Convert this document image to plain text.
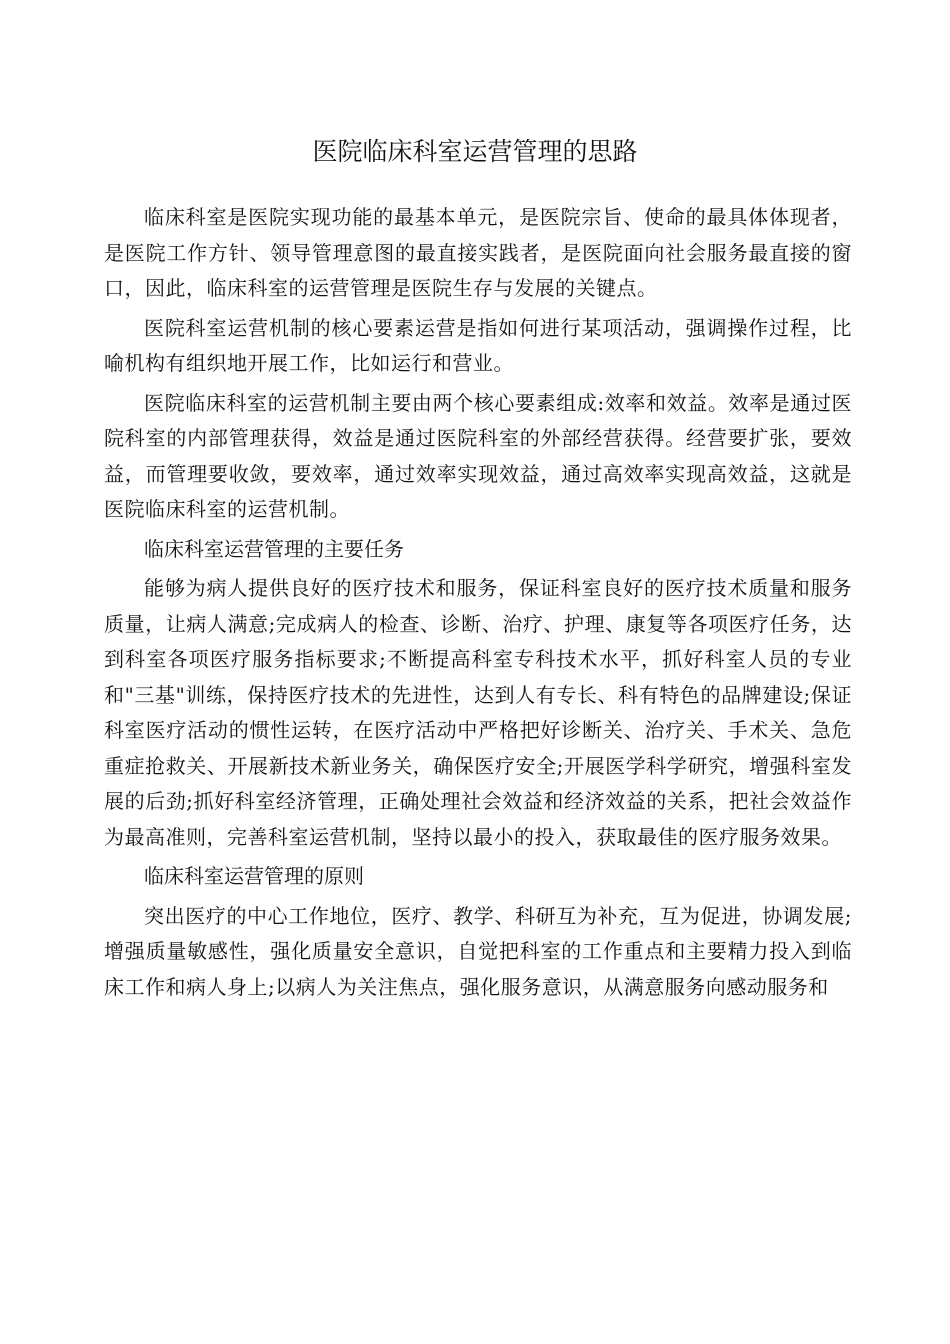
医院临床科室运营管理的思路

临床科室是医院实现功能的最基本单元，是医院宗旨、使命的最具体体现者，是医院工作方针、领导管理意图的最直接实践者，是医院面向社会服务最直接的窗口，因此，临床科室的运营管理是医院生存与发展的关键点。

医院科室运营机制的核心要素运营是指如何进行某项活动，强调操作过程，比喻机构有组织地开展工作，比如运行和营业。

医院临床科室的运营机制主要由两个核心要素组成:效率和效益。效率是通过医院科室的内部管理获得，效益是通过医院科室的外部经营获得。经营要扩张，要效益，而管理要收敛，要效率，通过效率实现效益，通过高效率实现高效益，这就是医院临床科室的运营机制。

临床科室运营管理的主要任务

能够为病人提供良好的医疗技术和服务，保证科室良好的医疗技术质量和服务质量，让病人满意;完成病人的检查、诊断、治疗、护理、康复等各项医疗任务，达到科室各项医疗服务指标要求;不断提高科室专科技术水平，抓好科室人员的专业和"三基"训练，保持医疗技术的先进性，达到人有专长、科有特色的品牌建设;保证科室医疗活动的惯性运转，在医疗活动中严格把好诊断关、治疗关、手术关、急危重症抢救关、开展新技术新业务关，确保医疗安全;开展医学科学研究，增强科室发展的后劲;抓好科室经济管理，正确处理社会效益和经济效益的关系，把社会效益作为最高准则，完善科室运营机制，坚持以最小的投入，获取最佳的医疗服务效果。

临床科室运营管理的原则

突出医疗的中心工作地位，医疗、教学、科研互为补充，互为促进，协调发展;增强质量敏感性，强化质量安全意识，自觉把科室的工作重点和主要精力投入到临床工作和病人身上;以病人为关注焦点，强化服务意识，从满意服务向感动服务和
